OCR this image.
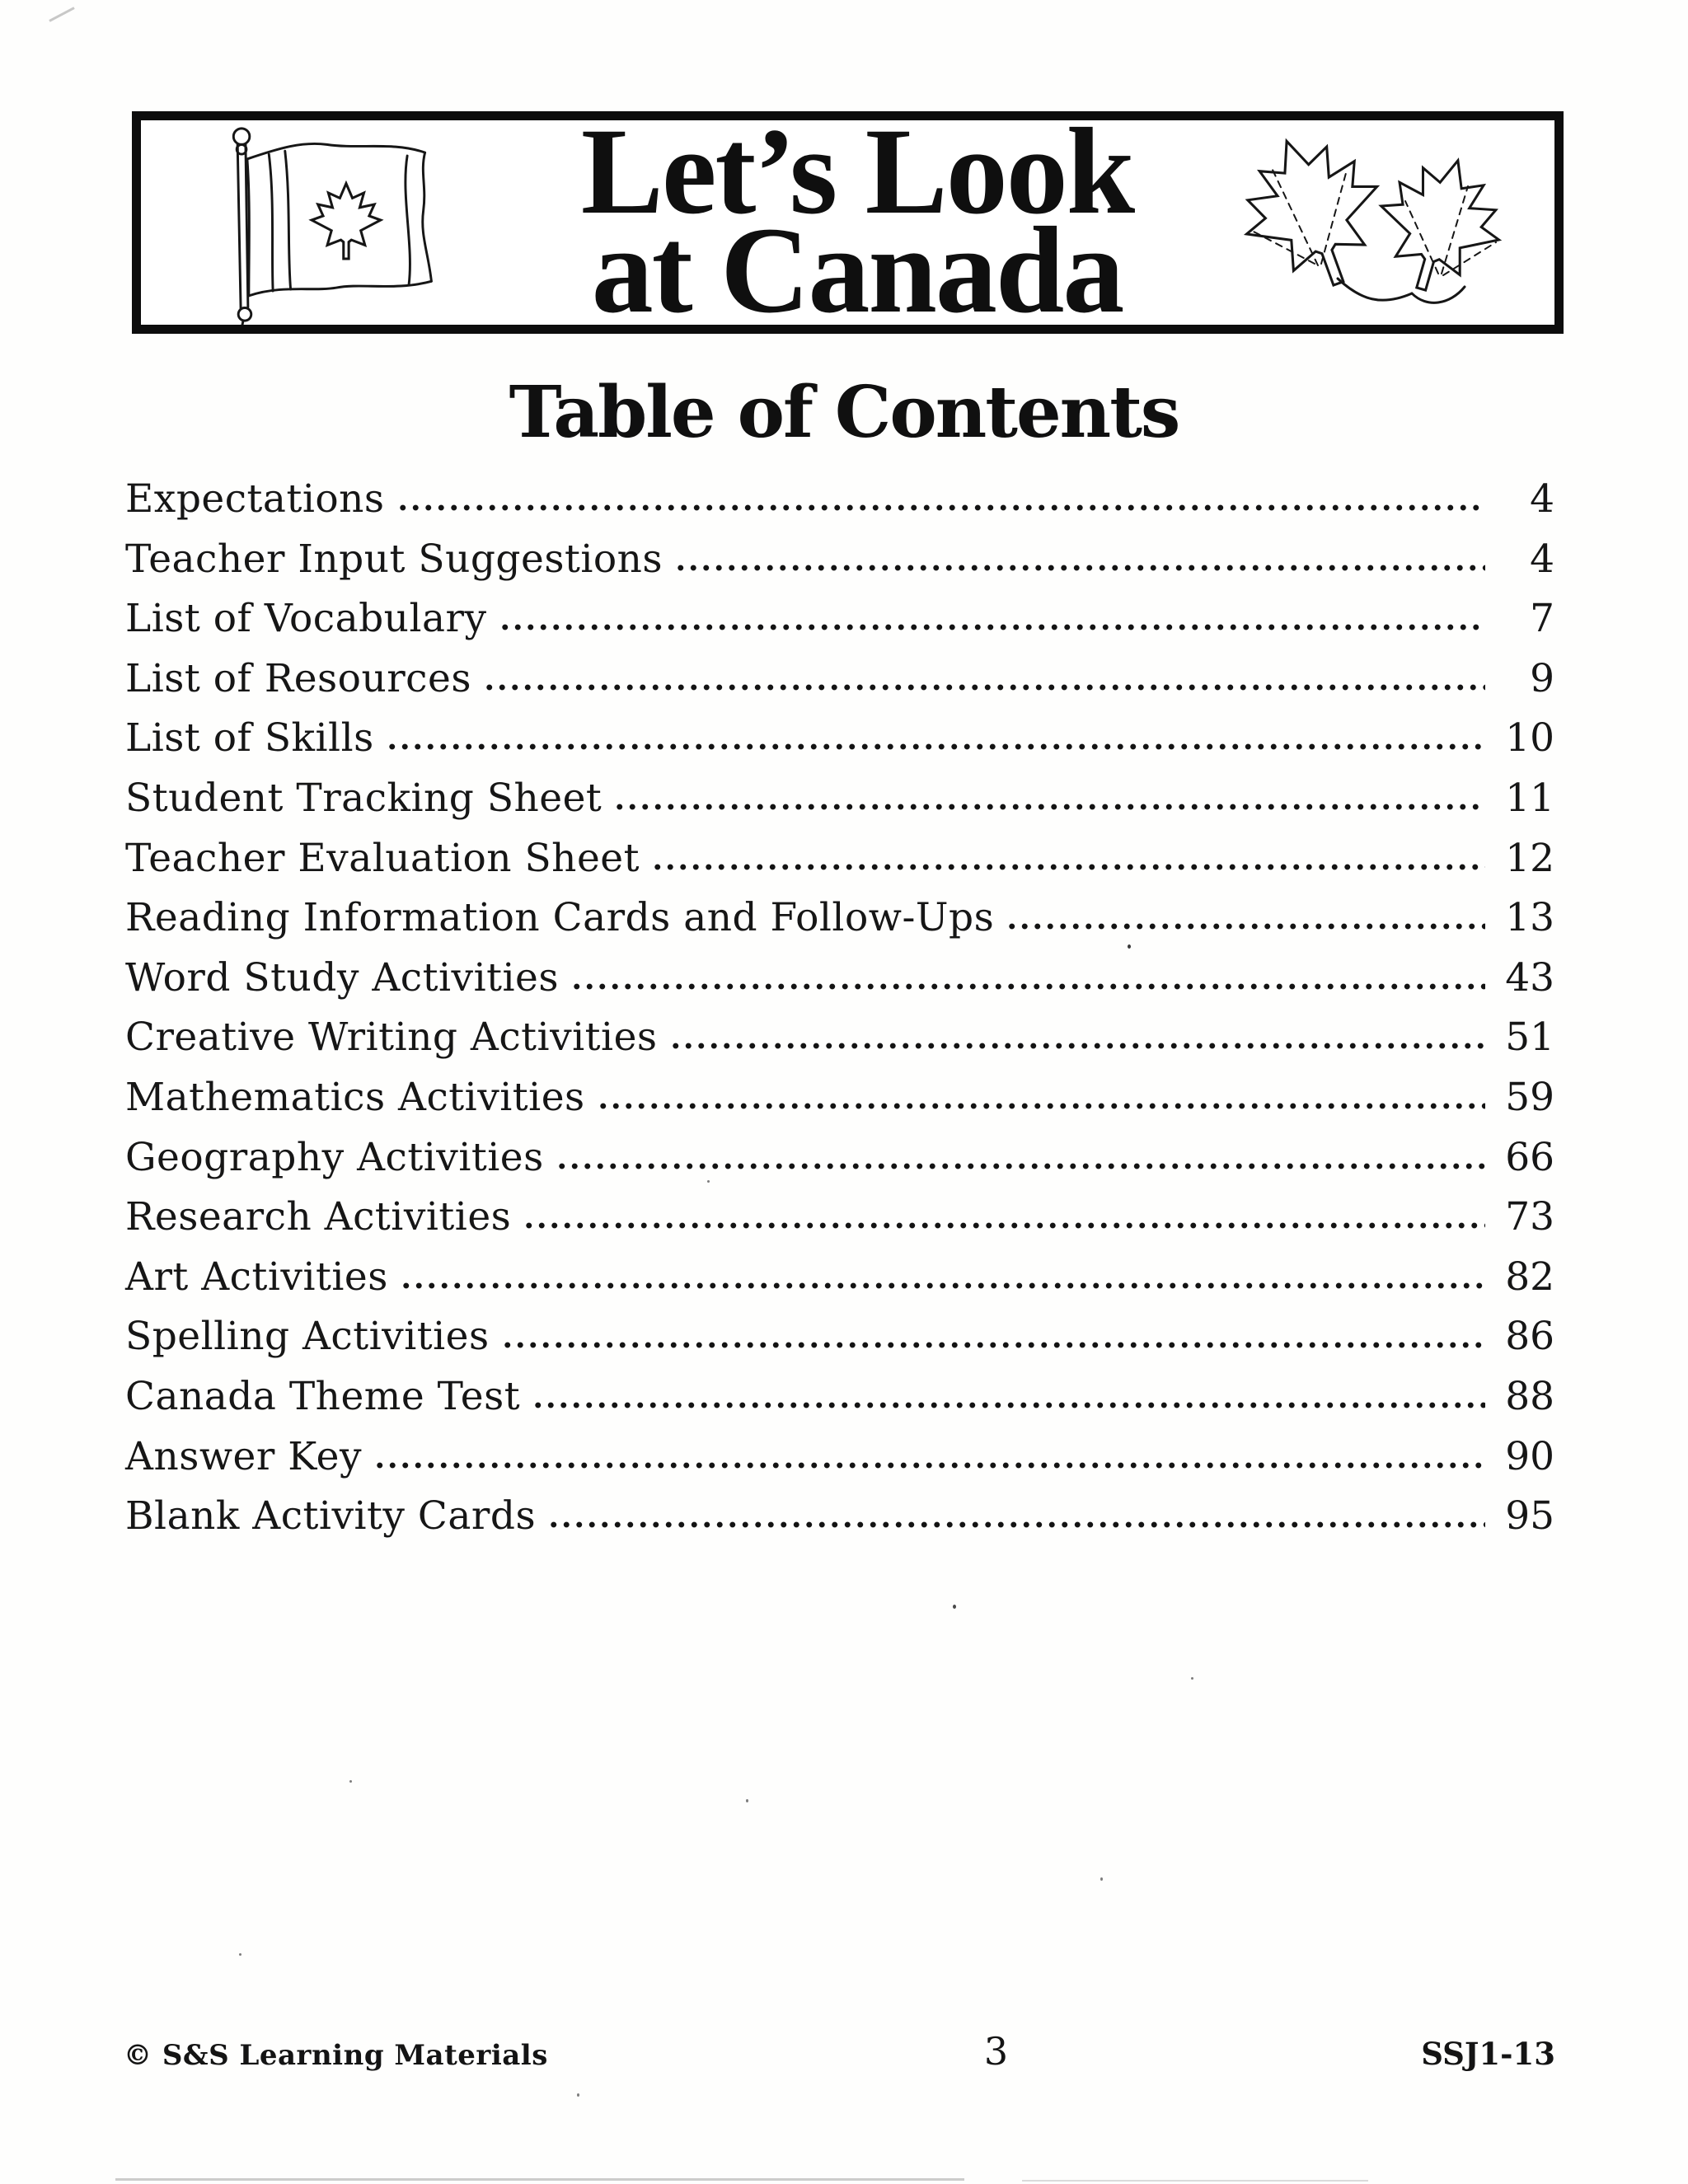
Let’s Look
at Canada
Table of Contents
Expectations	4
Teacher Input Suggestions	4
List of Vocabulary	7
List of Resources	9
List of Skills	10
Student Tracking Sheet	11
Teacher Evaluation Sheet	12
Reading Information Cards and Follow-Ups	13
Word Study Activities	43
Creative Writing Activities	51
Mathematics Activities	59
Geography Activities	66
Research Activities	73
Art Activities	82
Spelling Activities	86
Canada Theme Test	88
Answer Key	90
Blank Activity Cards	95
© S&S Learning Materials	3	SSJ1-13
